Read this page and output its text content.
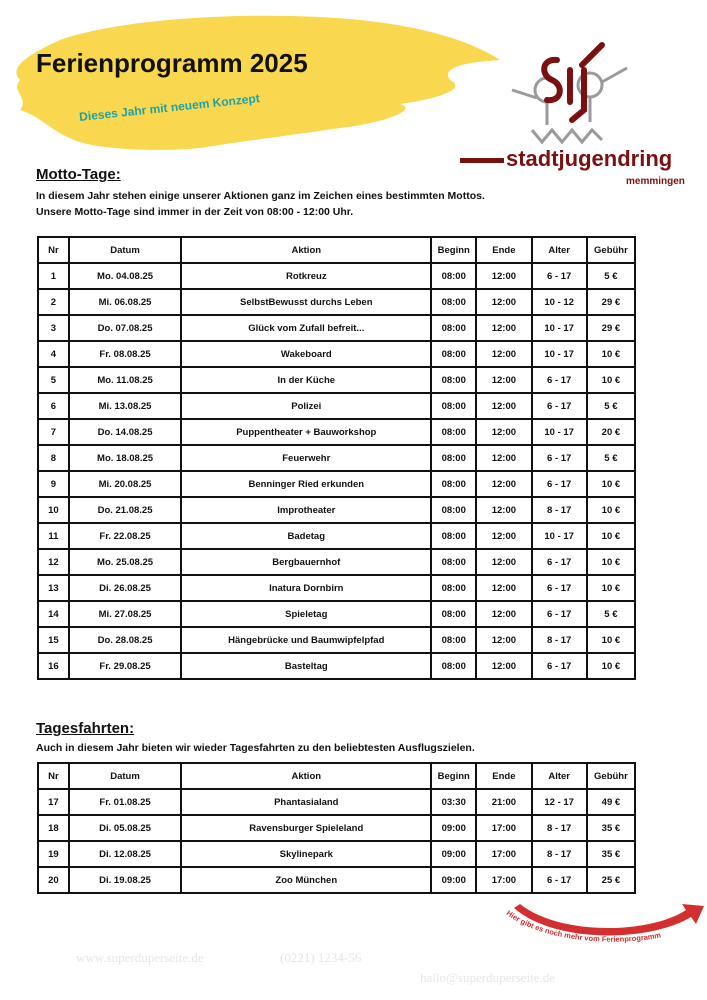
Ferienprogramm 2025
Dieses Jahr mit neuem Konzept
stadtjugendring
memmingen
Motto-Tage:
In diesem Jahr stehen einige unserer Aktionen ganz im Zeichen eines bestimmten Mottos.
Unsere Motto-Tage sind immer in der Zeit von 08:00 - 12:00 Uhr.
Nr	Datum	Aktion	Beginn	Ende	Alter	Gebühr
1	Mo. 04.08.25	Rotkreuz	08:00	12:00	6 - 17	5 €
2	Mi. 06.08.25	SelbstBewusst durchs Leben	08:00	12:00	10 - 12	29 €
3	Do. 07.08.25	Glück vom Zufall befreit...	08:00	12:00	10 - 17	29 €
4	Fr. 08.08.25	Wakeboard	08:00	12:00	10 - 17	10 €
5	Mo. 11.08.25	In der Küche	08:00	12:00	6 - 17	10 €
6	Mi. 13.08.25	Polizei	08:00	12:00	6 - 17	5 €
7	Do. 14.08.25	Puppentheater + Bauworkshop	08:00	12:00	10 - 17	20 €
8	Mo. 18.08.25	Feuerwehr	08:00	12:00	6 - 17	5 €
9	Mi. 20.08.25	Benninger Ried erkunden	08:00	12:00	6 - 17	10 €
10	Do. 21.08.25	Improtheater	08:00	12:00	8 - 17	10 €
11	Fr. 22.08.25	Badetag	08:00	12:00	10 - 17	10 €
12	Mo. 25.08.25	Bergbauernhof	08:00	12:00	6 - 17	10 €
13	Di. 26.08.25	Inatura Dornbirn	08:00	12:00	6 - 17	10 €
14	Mi. 27.08.25	Spieletag	08:00	12:00	6 - 17	5 €
15	Do. 28.08.25	Hängebrücke und Baumwipfelpfad	08:00	12:00	8 - 17	10 €
16	Fr. 29.08.25	Basteltag	08:00	12:00	6 - 17	10 €
Tagesfahrten:
Auch in diesem Jahr bieten wir wieder Tagesfahrten zu den beliebtesten Ausflugszielen.
Nr	Datum	Aktion	Beginn	Ende	Alter	Gebühr
17	Fr. 01.08.25	Phantasialand	03:30	21:00	12 - 17	49 €
18	Di. 05.08.25	Ravensburger Spieleland	09:00	17:00	8 - 17	35 €
19	Di. 12.08.25	Skylinepark	09:00	17:00	8 - 17	35 €
20	Di. 19.08.25	Zoo München	09:00	17:00	6 - 17	25 €
www.superduperseite.de	(0221) 1234-56
hallo@superduperseite.de
Hier gibt es noch mehr vom Ferienprogramm
